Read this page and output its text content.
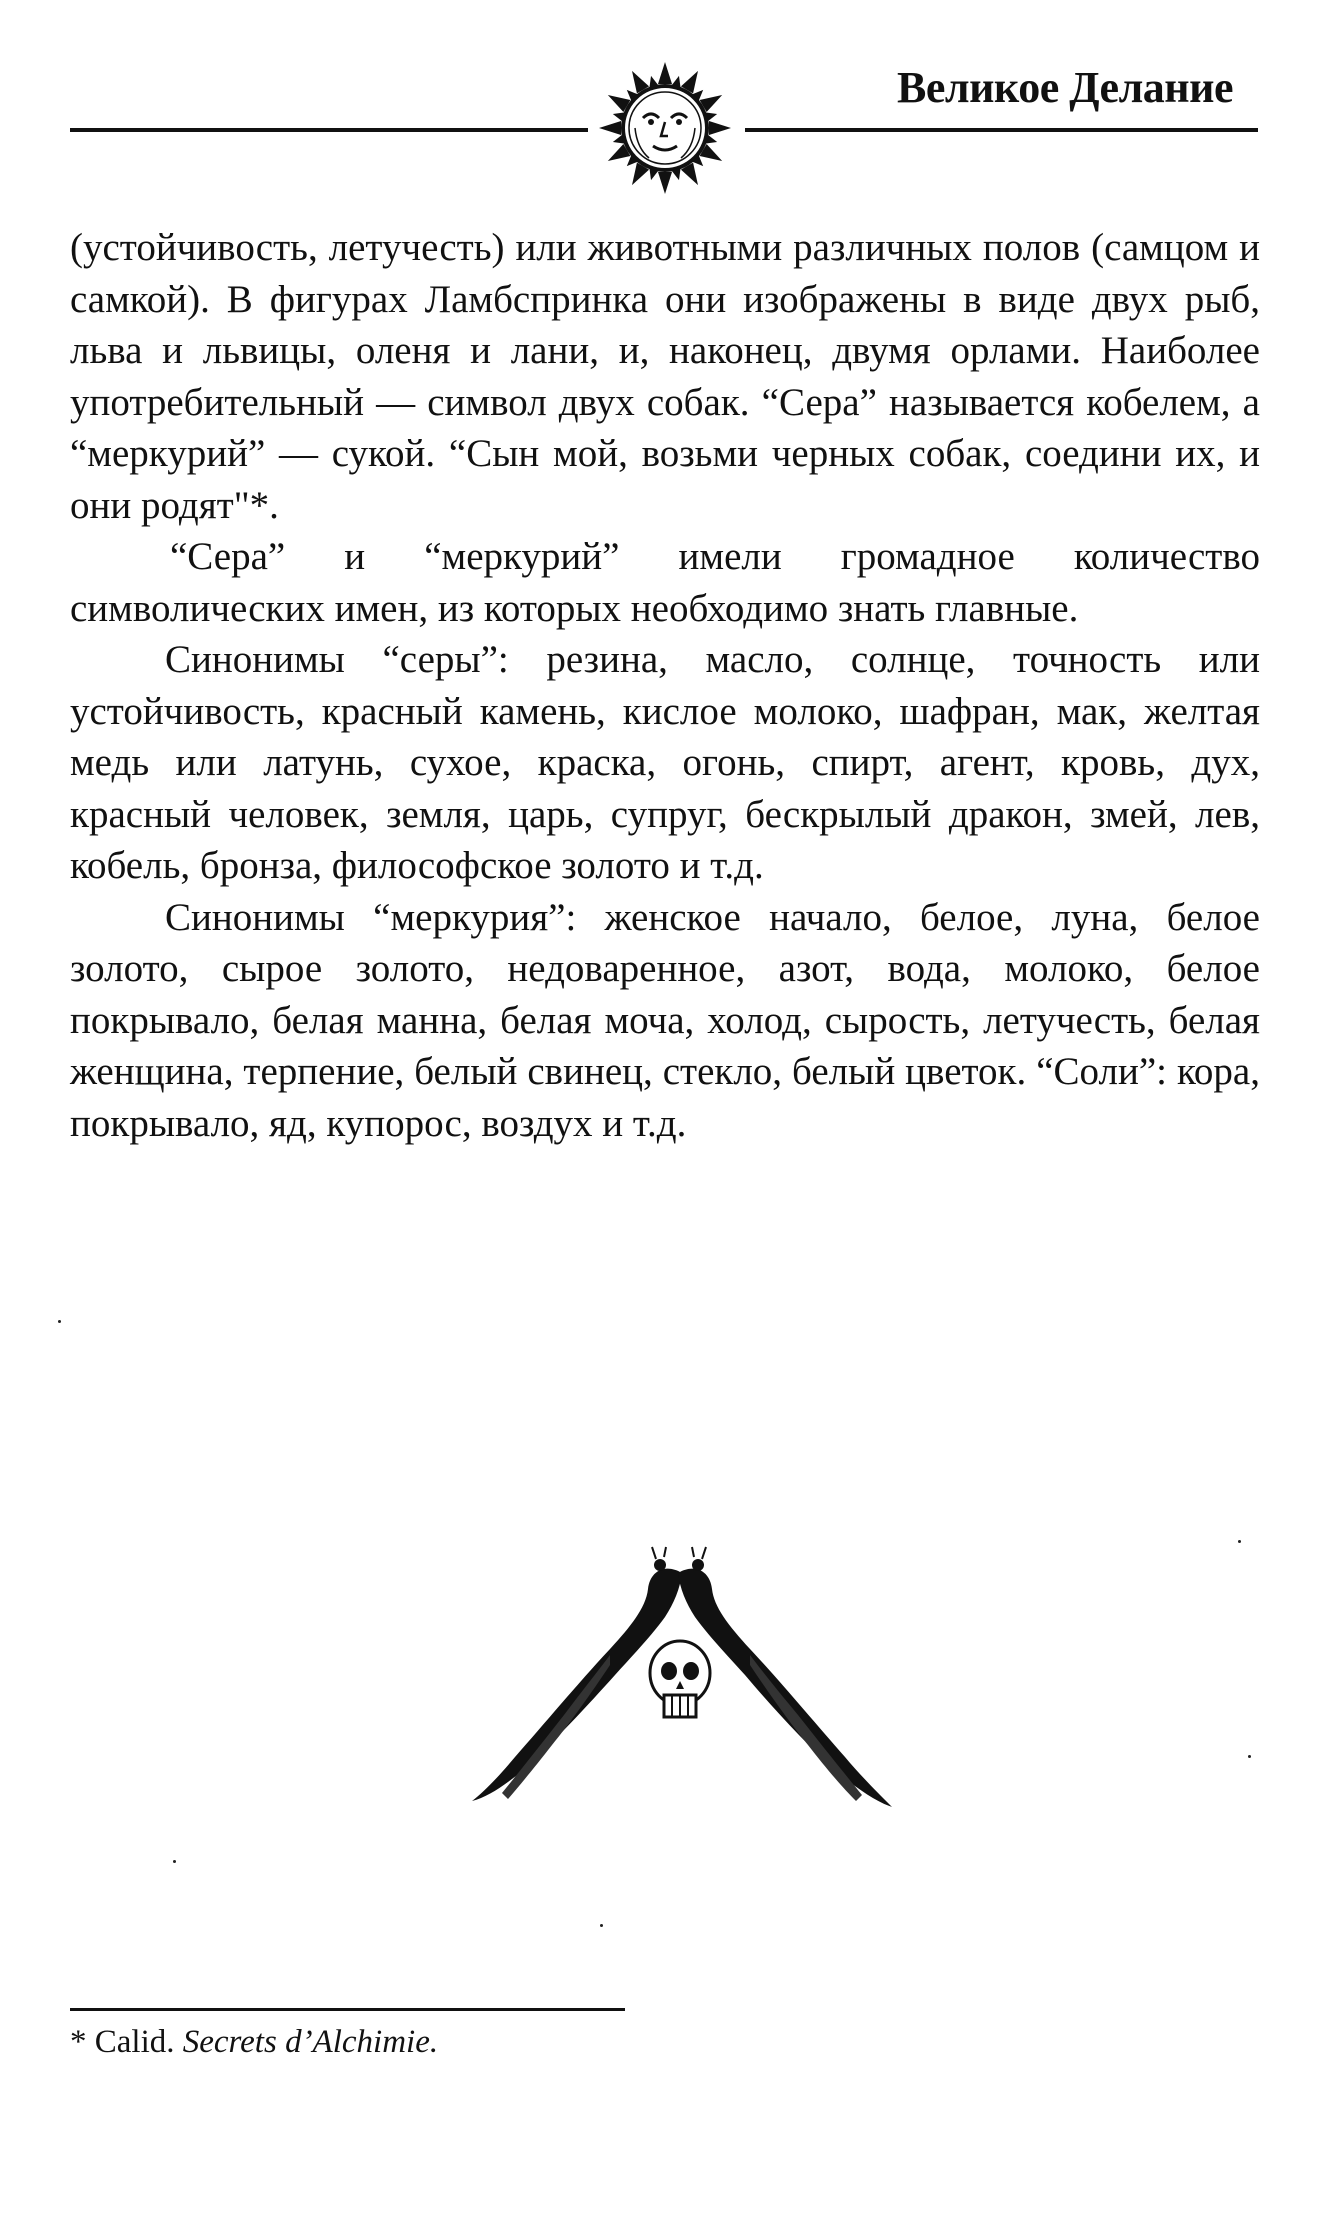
Великое Делание

(устойчивость, летучесть) или животными различных полов (самцом и самкой). В фигурах Ламбспринка они изображены в виде двух рыб, льва и львицы, оленя и лани, и, наконец, двумя орлами. Наиболее употребительный — символ двух собак. “Сера” называется кобелем, а “меркурий” — сукой. “Сын мой, возьми черных собак, соедини их, и они родят"*.

“Сера” и “меркурий” имели громадное количество символических имен, из которых необходимо знать главные.

Синонимы “серы”: резина, масло, солнце, точность или устойчивость, красный камень, кислое молоко, шафран, мак, желтая медь или латунь, сухое, краска, огонь, спирт, агент, кровь, дух, красный человек, земля, царь, супруг, бескрылый дракон, змей, лев, кобель, бронза, философское золото и т.д.

Синонимы “меркурия”: женское начало, белое, луна, белое золото, сырое золото, недоваренное, азот, вода, молоко, белое покрывало, белая манна, белая моча, холод, сырость, летучесть, белая женщина, терпение, белый свинец, стекло, белый цветок. “Соли”: кора, покрывало, яд, купорос, воздух и т.д.

* Calid. Secrets d’Alchimie.
